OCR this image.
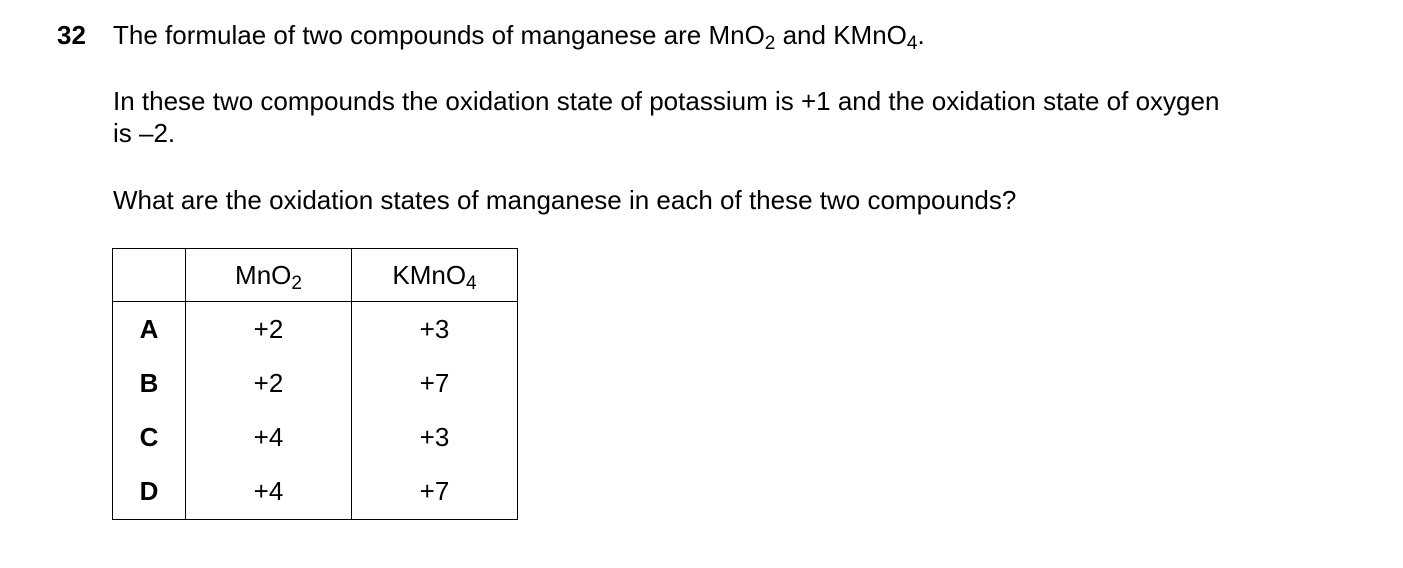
32 The formulae of two compounds of manganese are MnO$_2$ and KMnO$_4$.
In these two compounds the oxidation state of potassium is +1 and the oxidation state of oxygen
is –2.
What are the oxidation states of manganese in each of these two compounds?
	MnO$_2$	KMnO$_4$
A	+2	+3
B	+2	+7
C	+4	+3
D	+4	+7
